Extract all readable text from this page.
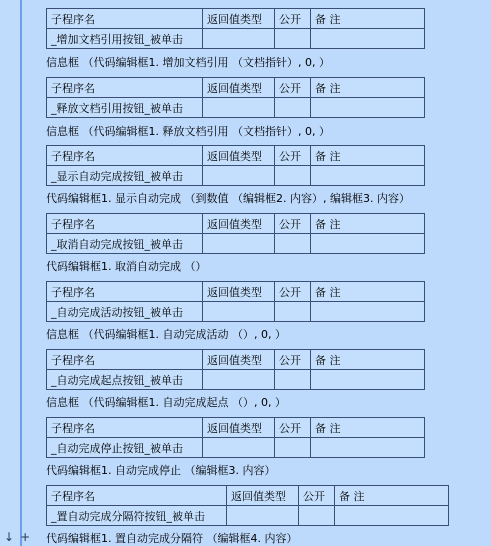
子程序名	返回值类型	公开	备 注
_增加文档引用按钮_被单击			
信息框 （代码编辑框1. 增加文档引用 （文档指针）, 0, ）
子程序名	返回值类型	公开	备 注
_释放文档引用按钮_被单击			
信息框 （代码编辑框1. 释放文档引用 （文档指针）, 0, ）
子程序名	返回值类型	公开	备 注
_显示自动完成按钮_被单击			
代码编辑框1. 显示自动完成 （到数值 （编辑框2. 内容）, 编辑框3. 内容）
子程序名	返回值类型	公开	备 注
_取消自动完成按钮_被单击			
代码编辑框1. 取消自动完成 （）
子程序名	返回值类型	公开	备 注
_自动完成活动按钮_被单击			
信息框 （代码编辑框1. 自动完成活动 （）, 0, ）
子程序名	返回值类型	公开	备 注
_自动完成起点按钮_被单击			
信息框 （代码编辑框1. 自动完成起点 （）, 0, ）
子程序名	返回值类型	公开	备 注
_自动完成停止按钮_被单击			
代码编辑框1. 自动完成停止 （编辑框3. 内容）
子程序名	返回值类型	公开	备 注
_置自动完成分隔符按钮_被单击			
代码编辑框1. 置自动完成分隔符 （编辑框4. 内容）
↓ +
